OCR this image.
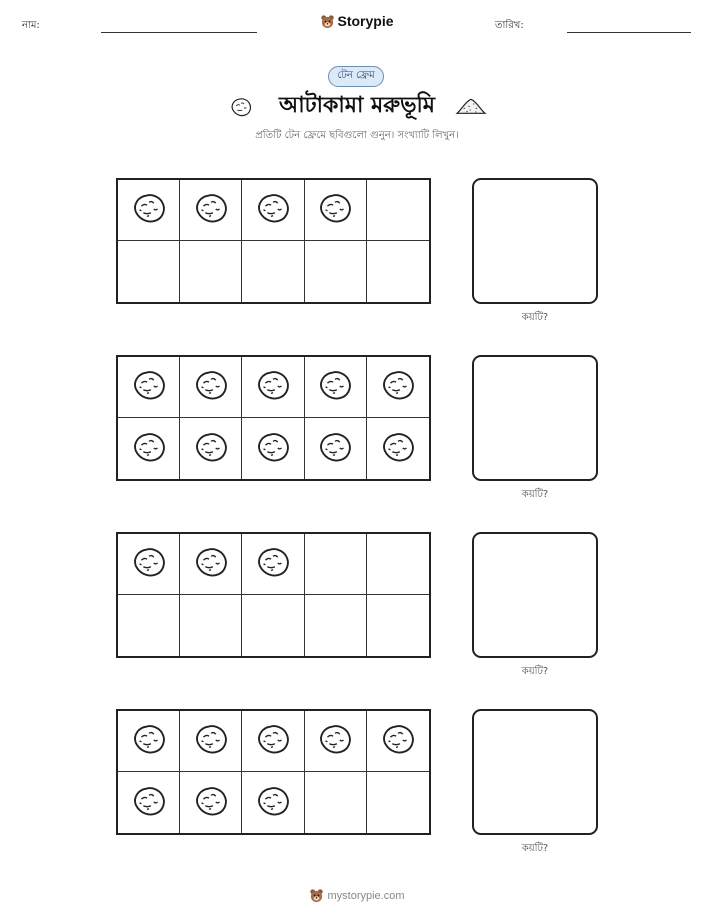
নাম:	Storypie	তারিখ:
টেন ফ্রেম
আটাকামা মরুভূমি
প্রতিটি টেন ফ্রেমে ছবিগুলো গুনুন। সংখ্যাটি লিখুন।
কয়টি?
কয়টি?
কয়টি?
কয়টি?
mystorypie.com
